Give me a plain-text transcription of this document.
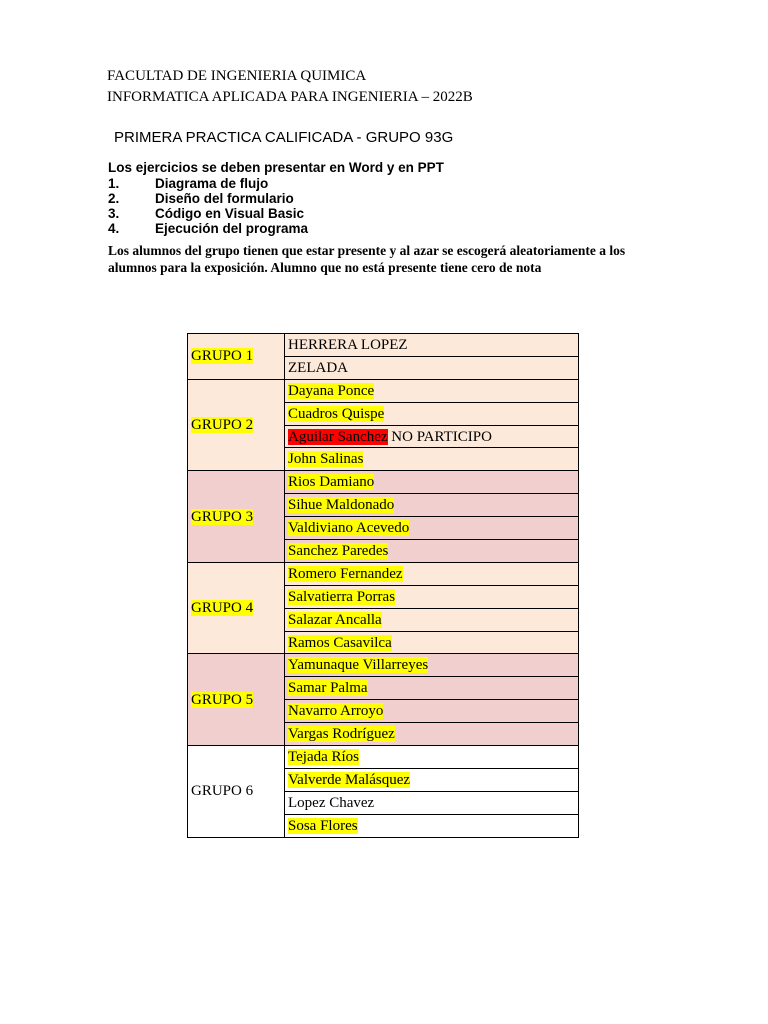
FACULTAD DE INGENIERIA QUIMICA
INFORMATICA APLICADA PARA INGENIERIA – 2022B
PRIMERA PRACTICA CALIFICADA - GRUPO 93G
Los ejercicios se deben presentar en Word y en PPT
1.	Diagrama de flujo
2.	Diseño del formulario
3.	Código en Visual Basic
4.	Ejecución del programa
Los alumnos del grupo tienen que estar presente y al azar se escogerá aleatoriamente a los alumnos para la exposición. Alumno que no está presente tiene cero de nota
GRUPO 1	HERRERA LOPEZ
	ZELADA
GRUPO 2	Dayana Ponce
	Cuadros Quispe
	Aguilar Sanchez NO PARTICIPO
	John Salinas
GRUPO 3	Rios Damiano
	Sihue Maldonado
	Valdiviano Acevedo
	Sanchez Paredes
GRUPO 4	Romero Fernandez
	Salvatierra Porras
	Salazar Ancalla
	Ramos Casavilca
GRUPO 5	Yamunaque Villarreyes
	Samar Palma
	Navarro Arroyo
	Vargas Rodríguez
GRUPO 6	Tejada Ríos
	Valverde Malásquez
	Lopez Chavez
	Sosa Flores
